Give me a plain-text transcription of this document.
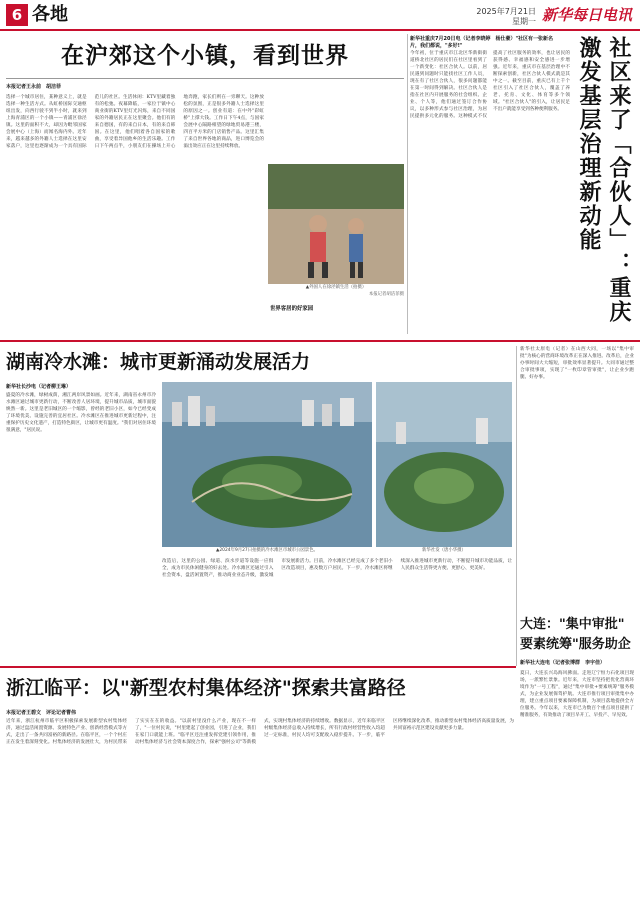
6 各地	2025年7月21日
星期一 新华每日电讯
在沪郊这个小镇，看到世界
本报记者王永前　胡洁菲
选择一个城市居住，某种意义上，就是选择一种生活方式。从虹桥国际交通枢纽出发，向西行驶不到半小时，就来到上海青浦区的一个小镇——青浦区徐泾镇。这里的面积不大，却因为毗邻国家会展中心（上海）而闻名海内外。近年来，越来越多的外籍人士选择在这里安家落户，这里也逐渐成为一个具有国际范儿的社区。生活休闲：KTV里藏着独有的松弛。夜幕降临，一家位于镇中心商业街的KTV里灯光闪烁，来自不同国家的外籍居民正在这里聚会。他们有的来自德国，有的来自日本，有的来自韩国。在这里，他们唱着各自国家的歌曲，享受着异国他乡的生活乐趣。工作日下午两点半，小朋友们在操场上开心地奔跑，家长们则在一旁聊天。这种放松的氛围，正是很多外籍人士选择这里的原因之一。创业有道：在中外"彩虹桥"上撑大钱。工作日下午4点，与国家会展中心隔路相望的绿地贸易港三楼，四百平方米的门店销售产品。这里汇集了来自世界各地的商品，进口博览会的溢出效应正在这里持续释放。
▲外国人在徐泾镇生活（拍摄）
本报记者胡洁菲摄
世界客居的好家园
新华社重庆7月20日电（记者李晓婷　杨仕豪）"社区有一张新名片，我们都说，"多好!"
今年初，位于重庆市江北区华新街街道桥北社区的居民们在社区里看到了一个新变化：社区合伙人。以前，居民遇到问题时只能找社区工作人员，现在有了社区合伙人，很多问题都能在第一时间得到解决。社区合伙人是指在社区内开展服务的社会组织、企业、个人等，他们通过签订合作协议，以多种形式参与社区治理，为居民提供多元化的服务。这种模式不仅提高了社区服务的效率，也让居民的获得感、幸福感和安全感进一步增强。近年来，重庆市在基层治理中不断探索创新，社区合伙人模式就是其中之一。截至目前，重庆已有上千个社区引入了社区合伙人，覆盖了养老、托育、文化、体育等多个领域。"社区合伙人"的引入，让居民足不出户就能享受到各种便利服务。	社区来了「合伙人」：重庆激发基层治理新动能
湖南冷水滩：城市更新涌动发展活力
新华社长沙电（记者柳王琳）
盛夏的冷水滩，绿树成荫，湘江两岸风景如画。近年来，湖南省永州市冷水滩区通过城市更新行动，不断改善人居环境，提升城市品质，城市面貌焕然一新。这里是老旧城区的一个缩影，曾经的老旧小区，如今已经变成了环境优美、设施完善的宜居社区。冷水滩区在推进城市更新过程中，注重保护历史文化遗产，打造特色街区，让城市更有温度。"我们对居住环境很满意，"居民说。
▲2024年9月27日拍摄的冷水滩区市城市公园景色。	新华社发（唐小华摄）
改造后，这里的公园、绿道、滨水步道等设施一应俱全，成为市民休闲健身的好去处。冷水滩区还通过引入社会资本，盘活闲置资产，推动商业业态升级，激发城市发展新活力。目前，冷水滩区已经完成了多个老旧小区改造项目，惠及数万户居民。下一步，冷水滩区将继续深入推进城市更新行动，不断提升城市功能品质，让人民群众生活得更方便、更舒心、更美好。
新华社太原电（记者）在山西大同，一场以"集中审批"为核心的营商环境改革正在深入推进。改革后，企业办事时间大大缩短，审批效率显著提升。大同市通过整合审批事项，实现了"一枚印章管审批"，让企业少跑腿、好办事。
大连："集中审批"
要素统筹"服务助企
新华社大连电（记者张博群　李宇佳）
夏日，大连长兴岛海风拂面。走进辽宁恒力石化项目现场，一派繁忙景象。近年来，大连市坚持把优化营商环境作为"一号工程"，通过"集中审批+要素统筹"服务模式，为企业发展保驾护航。大连市推行项目审批集中办理，建立重点项目要素保障机制，为项目落地提供全方位服务。今年以来，大连市已为数百个重点项目提供了精准服务，有效推动了项目早开工、早投产、早见效。
浙江临平：以"新型农村集体经济"探索共富路径
本报记者王碧文　评论记者曹伟
近年来，浙江杭州市临平区积极探索发展新型农村集体经济，通过盘活闲置资源、发展特色产业、创新经营模式等方式，走出了一条共同富裕的新路径。在临平区，一个个村庄正在发生着深刻变化。村集体经济的发展壮大，为村民带来了实实在在的收益。"以前村里没什么产业，现在不一样了，"一位村民说，"村里建起了创业园，引进了企业，我们在家门口就能上班。"临平区还注重发挥党建引领作用，推动村集体经济与社会资本深度合作，探索"强村公司"等新模式，实现村集体经济的持续增收。数据显示，近年来临平区村级集体经济总收入持续增长，所有行政村经营性收入均超过一定标准，村民人均可支配收入稳步提升。下一步，临平区将继续深化改革，推动新型农村集体经济高质量发展，为共同富裕示范区建设贡献更多力量。
